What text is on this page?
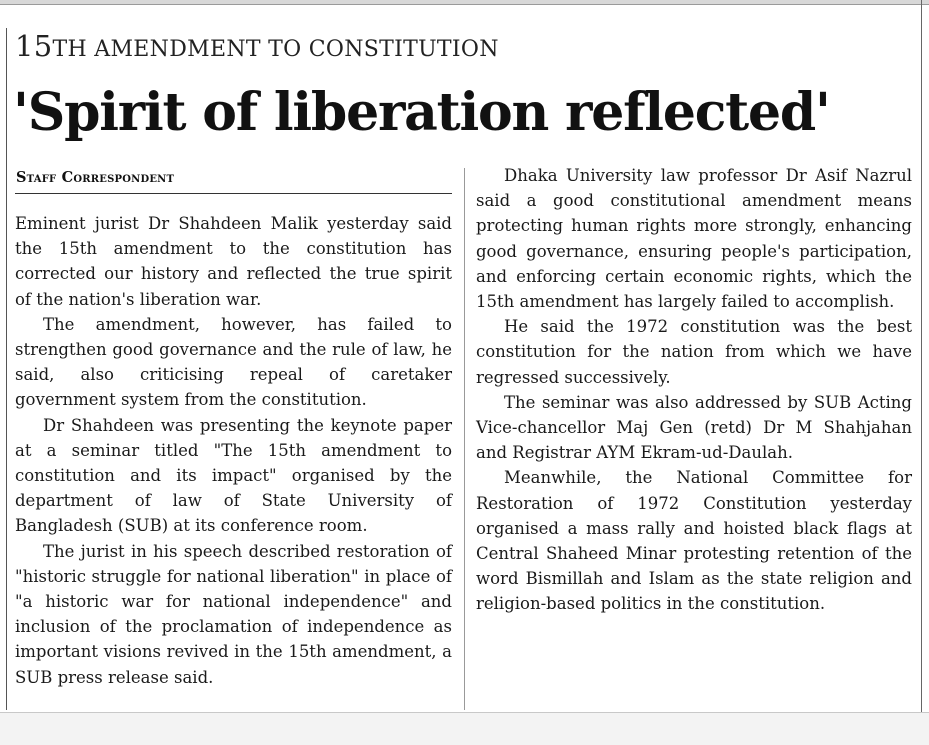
15TH AMENDMENT TO CONSTITUTION
'Spirit of liberation reflected'
Staff Correspondent

Eminent jurist Dr Shahdeen Malik yesterday said the 15th amendment to the constitution has corrected our history and reflected the true spirit of the nation's liberation war.

The amendment, however, has failed to strengthen good governance and the rule of law, he said, also criticising repeal of caretaker government system from the constitution.

Dr Shahdeen was presenting the keynote paper at a seminar titled "The 15th amendment to constitution and its impact" organised by the department of law of State University of Bangladesh (SUB) at its conference room.

The jurist in his speech described restoration of "historic struggle for national liberation" in place of "a historic war for national independence" and inclusion of the proclamation of independence as important visions revived in the 15th amendment, a SUB press release said.

Dhaka University law professor Dr Asif Nazrul said a good constitutional amendment means protecting human rights more strongly, enhancing good governance, ensuring people's participation, and enforcing certain economic rights, which the 15th amendment has largely failed to accomplish.

He said the 1972 constitution was the best constitution for the nation from which we have regressed successively.

The seminar was also addressed by SUB Acting Vice-chancellor Maj Gen (retd) Dr M Shahjahan and Registrar AYM Ekram-ud-Daulah.

Meanwhile, the National Committee for Restoration of 1972 Constitution yesterday organised a mass rally and hoisted black flags at Central Shaheed Minar protesting retention of the word Bismillah and Islam as the state religion and religion-based politics in the constitution.
